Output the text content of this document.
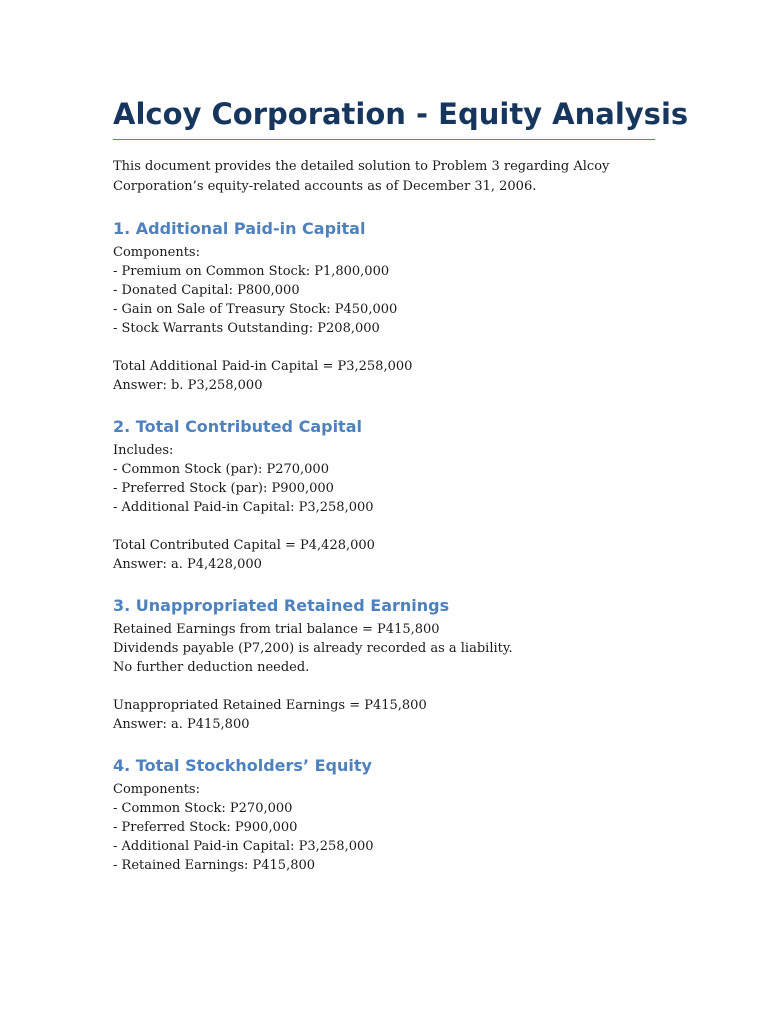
Alcoy Corporation - Equity Analysis
This document provides the detailed solution to Problem 3 regarding Alcoy Corporation’s equity-related accounts as of December 31, 2006.
1. Additional Paid-in Capital
Components:
- Premium on Common Stock: P1,800,000
- Donated Capital: P800,000
- Gain on Sale of Treasury Stock: P450,000
- Stock Warrants Outstanding: P208,000
Total Additional Paid-in Capital = P3,258,000
Answer: b. P3,258,000
2. Total Contributed Capital
Includes:
- Common Stock (par): P270,000
- Preferred Stock (par): P900,000
- Additional Paid-in Capital: P3,258,000
Total Contributed Capital = P4,428,000
Answer: a. P4,428,000
3. Unappropriated Retained Earnings
Retained Earnings from trial balance = P415,800
Dividends payable (P7,200) is already recorded as a liability.
No further deduction needed.
Unappropriated Retained Earnings = P415,800
Answer: a. P415,800
4. Total Stockholders’ Equity
Components:
- Common Stock: P270,000
- Preferred Stock: P900,000
- Additional Paid-in Capital: P3,258,000
- Retained Earnings: P415,800
